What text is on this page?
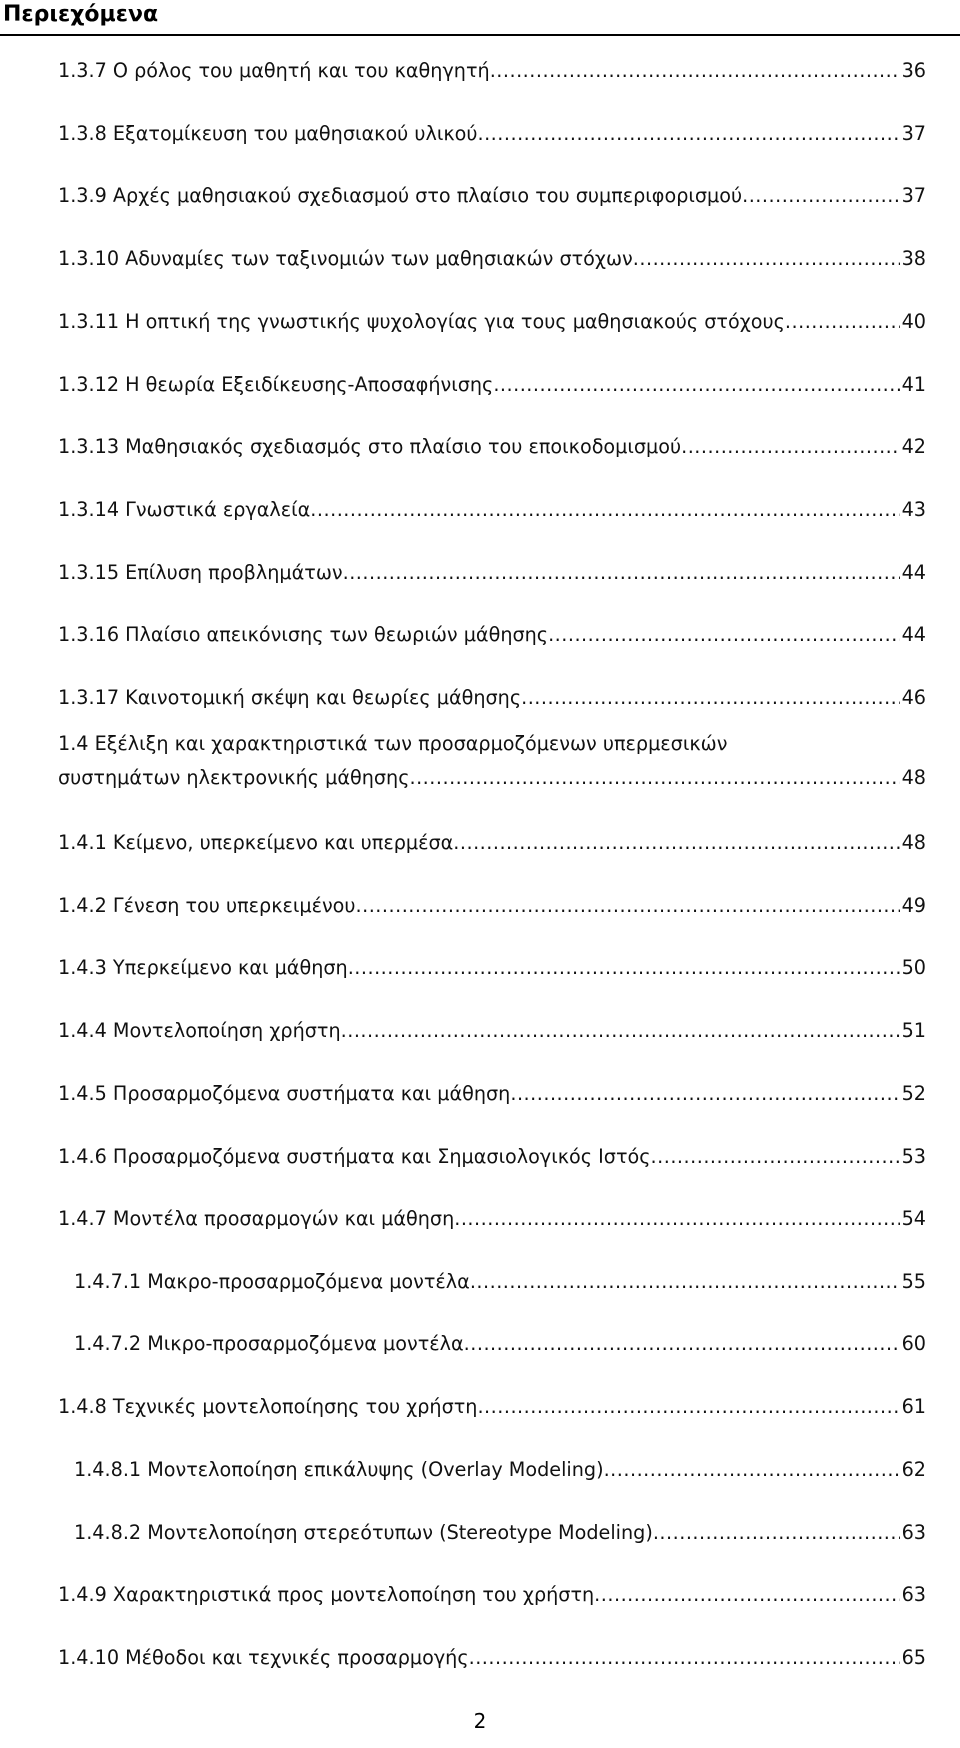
Περιεχόμενα
1.3.7 Ο ρόλος του μαθητή και του καθηγητή .....	36
1.3.8 Εξατομίκευση του μαθησιακού υλικού .....	37
1.3.9 Αρχές μαθησιακού σχεδιασμού στο πλαίσιο του συμπεριφορισμού .....	37
1.3.10 Αδυναμίες των ταξινομιών των μαθησιακών στόχων .....	38
1.3.11 Η οπτική της γνωστικής ψυχολογίας για τους μαθησιακούς στόχους .....	40
1.3.12 Η θεωρία Εξειδίκευσης-Αποσαφήνισης .....	41
1.3.13 Μαθησιακός σχεδιασμός στο πλαίσιο του εποικοδομισμού .....	42
1.3.14 Γνωστικά εργαλεία .....	43
1.3.15 Επίλυση προβλημάτων .....	44
1.3.16 Πλαίσιο απεικόνισης των θεωριών μάθησης .....	44
1.3.17 Καινοτομική σκέψη και θεωρίες μάθησης .....	46
1.4 Εξέλιξη και χαρακτηριστικά των προσαρμοζόμενων υπερμεσικών
συστημάτων ηλεκτρονικής μάθησης .....	48
1.4.1 Κείμενο, υπερκείμενο και υπερμέσα .....	48
1.4.2 Γένεση του υπερκειμένου .....	49
1.4.3 Υπερκείμενο και μάθηση .....	50
1.4.4 Μοντελοποίηση χρήστη .....	51
1.4.5 Προσαρμοζόμενα συστήματα και μάθηση .....	52
1.4.6 Προσαρμοζόμενα συστήματα και Σημασιολογικός Ιστός .....	53
1.4.7 Μοντέλα προσαρμογών και μάθηση .....	54
1.4.7.1 Μακρο-προσαρμοζόμενα μοντέλα .....	55
1.4.7.2 Μικρο-προσαρμοζόμενα μοντέλα .....	60
1.4.8 Τεχνικές μοντελοποίησης του χρήστη .....	61
1.4.8.1 Μοντελοποίηση επικάλυψης (Overlay Modeling) .....	62
1.4.8.2 Μοντελοποίηση στερεότυπων (Stereotype Modeling) .....	63
1.4.9 Χαρακτηριστικά προς μοντελοποίηση του χρήστη .....	63
1.4.10 Μέθοδοι και τεχνικές προσαρμογής .....	65
2
